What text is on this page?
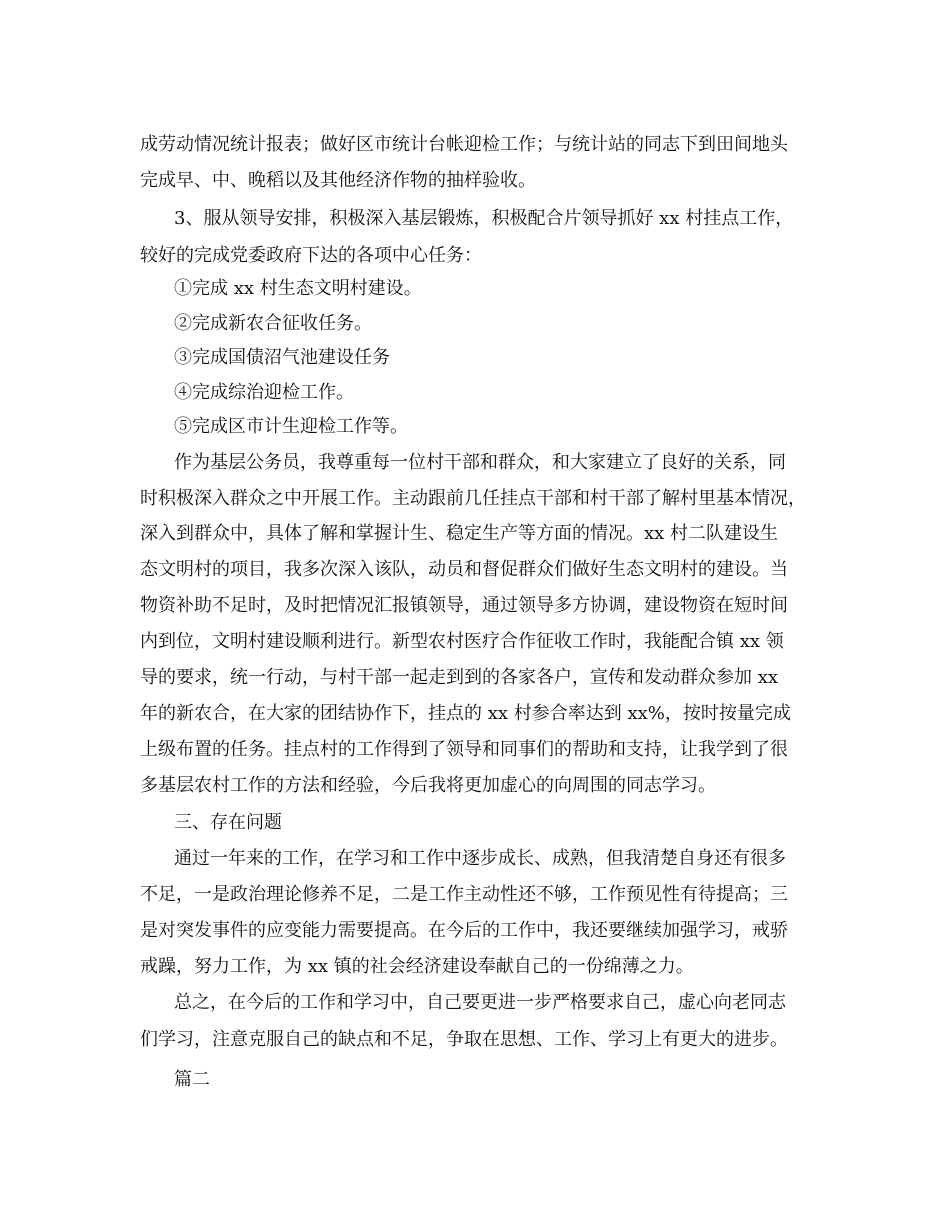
成劳动情况统计报表；做好区市统计台帐迎检工作；与统计站的同志下到田间地头
完成早、中、晚稻以及其他经济作物的抽样验收。
3、服从领导安排，积极深入基层锻炼，积极配合片领导抓好 xx 村挂点工作，
较好的完成党委政府下达的各项中心任务：
①完成 xx 村生态文明村建设。
②完成新农合征收任务。
③完成国债沼气池建设任务
④完成综治迎检工作。
⑤完成区市计生迎检工作等。
作为基层公务员，我尊重每一位村干部和群众，和大家建立了良好的关系，同
时积极深入群众之中开展工作。主动跟前几任挂点干部和村干部了解村里基本情况，
深入到群众中，具体了解和掌握计生、稳定生产等方面的情况。xx 村二队建设生
态文明村的项目，我多次深入该队，动员和督促群众们做好生态文明村的建设。当
物资补助不足时，及时把情况汇报镇领导，通过领导多方协调，建设物资在短时间
内到位，文明村建设顺利进行。新型农村医疗合作征收工作时，我能配合镇 xx 领
导的要求，统一行动，与村干部一起走到到的各家各户，宣传和发动群众参加 xx
年的新农合，在大家的团结协作下，挂点的 xx 村参合率达到 xx%，按时按量完成
上级布置的任务。挂点村的工作得到了领导和同事们的帮助和支持，让我学到了很
多基层农村工作的方法和经验，今后我将更加虚心的向周围的同志学习。
三、存在问题
通过一年来的工作，在学习和工作中逐步成长、成熟，但我清楚自身还有很多
不足，一是政治理论修养不足，二是工作主动性还不够，工作预见性有待提高；三
是对突发事件的应变能力需要提高。在今后的工作中，我还要继续加强学习，戒骄
戒躁，努力工作，为 xx 镇的社会经济建设奉献自己的一份绵薄之力。
总之，在今后的工作和学习中，自己要更进一步严格要求自己，虚心向老同志
们学习，注意克服自己的缺点和不足，争取在思想、工作、学习上有更大的进步。
篇二
